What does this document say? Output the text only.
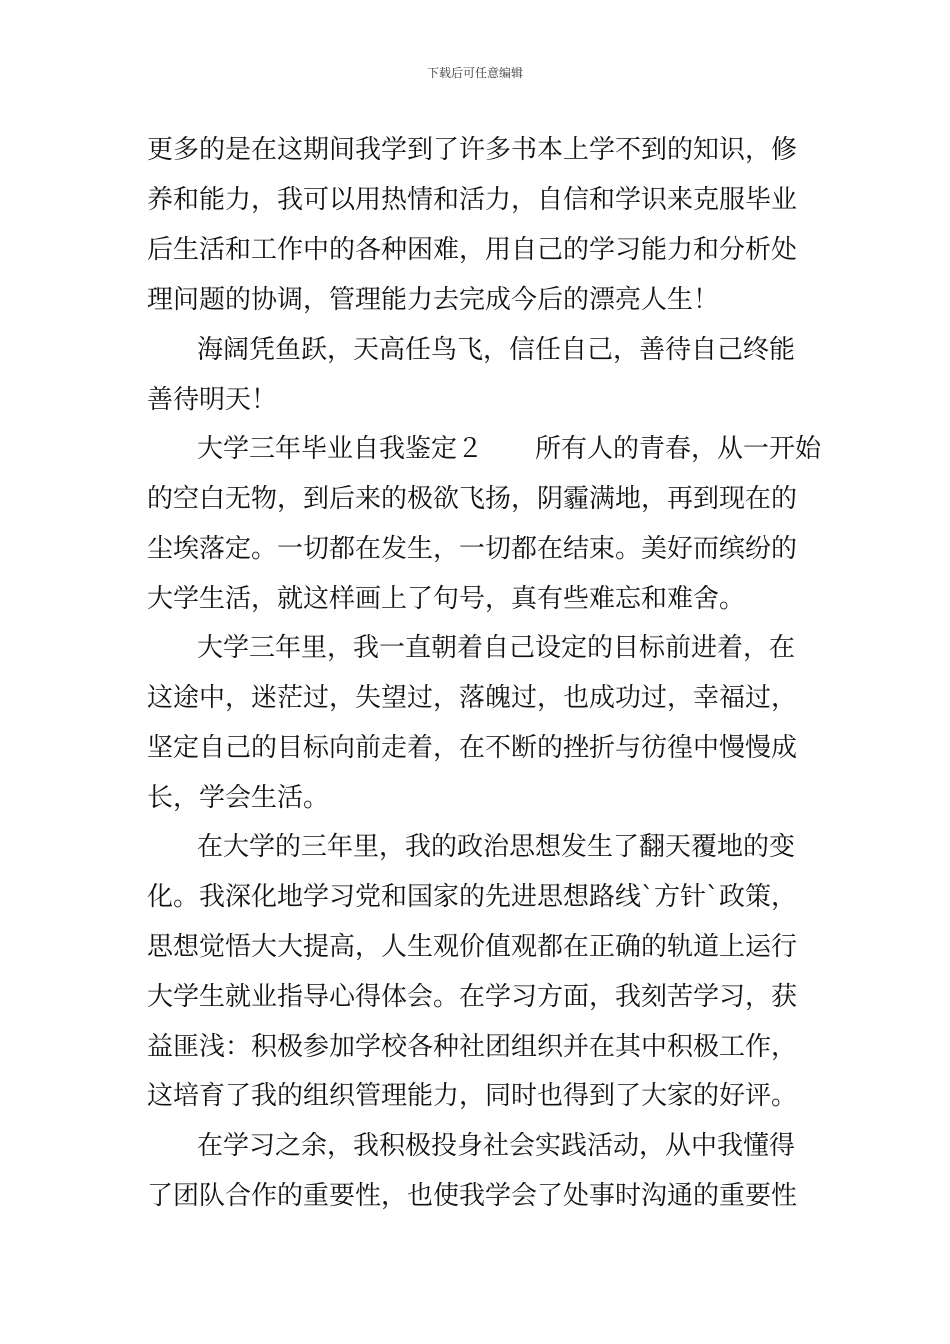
下载后可任意编辑
更多的是在这期间我学到了许多书本上学不到的知识，修
养和能力，我可以用热情和活力，自信和学识来克服毕业
后生活和工作中的各种困难，用自己的学习能力和分析处
理问题的协调，管理能力去完成今后的漂亮人生！
海阔凭鱼跃，天高任鸟飞，信任自己，善待自己终能
善待明天！
大学三年毕业自我鉴定２ 所有人的青春，从一开始
的空白无物，到后来的极欲飞扬，阴霾满地，再到现在的
尘埃落定。一切都在发生，一切都在结束。美好而缤纷的
大学生活，就这样画上了句号，真有些难忘和难舍。
大学三年里，我一直朝着自己设定的目标前进着，在
这途中，迷茫过，失望过，落魄过，也成功过，幸福过，
坚定自己的目标向前走着，在不断的挫折与彷徨中慢慢成
长，学会生活。
在大学的三年里，我的政治思想发生了翻天覆地的变
化。我深化地学习党和国家的先进思想路线`方针`政策，
思想觉悟大大提高，人生观价值观都在正确的轨道上运行
大学生就业指导心得体会。在学习方面，我刻苦学习，获
益匪浅：积极参加学校各种社团组织并在其中积极工作，
这培育了我的组织管理能力，同时也得到了大家的好评。
在学习之余，我积极投身社会实践活动，从中我懂得
了团队合作的重要性，也使我学会了处事时沟通的重要性
